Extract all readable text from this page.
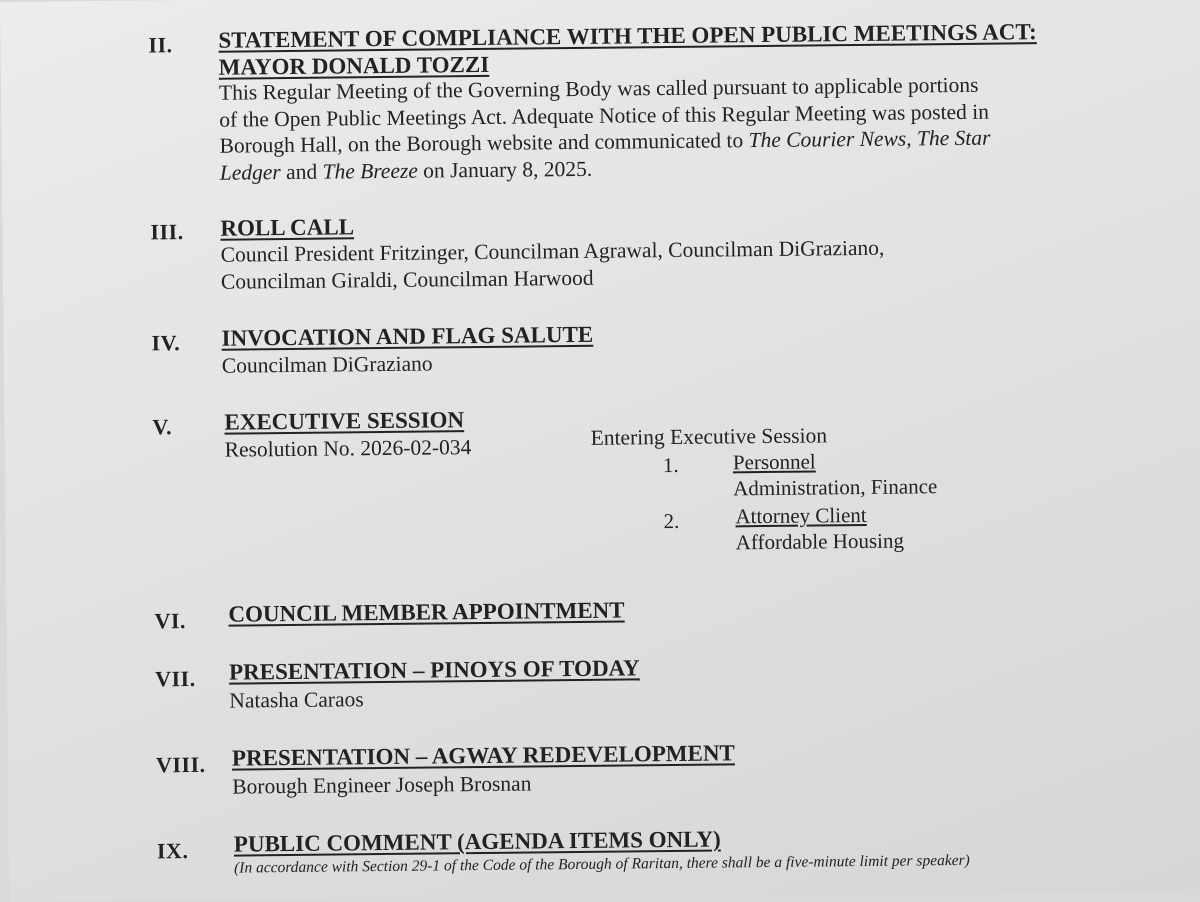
II. STATEMENT OF COMPLIANCE WITH THE OPEN PUBLIC MEETINGS ACT:
MAYOR DONALD TOZZI
This Regular Meeting of the Governing Body was called pursuant to applicable portions
of the Open Public Meetings Act. Adequate Notice of this Regular Meeting was posted in
Borough Hall, on the Borough website and communicated to The Courier News, The Star
Ledger and The Breeze on January 8, 2025.
III. ROLL CALL
Council President Fritzinger, Councilman Agrawal, Councilman DiGraziano,
Councilman Giraldi, Councilman Harwood
IV. INVOCATION AND FLAG SALUTE
Councilman DiGraziano
V. EXECUTIVE SESSION
Resolution No. 2026-02-034	Entering Executive Session
1.	Personnel
Administration, Finance
2.	Attorney Client
Affordable Housing
VI. COUNCIL MEMBER APPOINTMENT
VII. PRESENTATION – PINOYS OF TODAY
Natasha Caraos
VIII. PRESENTATION – AGWAY REDEVELOPMENT
Borough Engineer Joseph Brosnan
IX. PUBLIC COMMENT (AGENDA ITEMS ONLY)
(In accordance with Section 29-1 of the Code of the Borough of Raritan, there shall be a five-minute limit per speaker)
